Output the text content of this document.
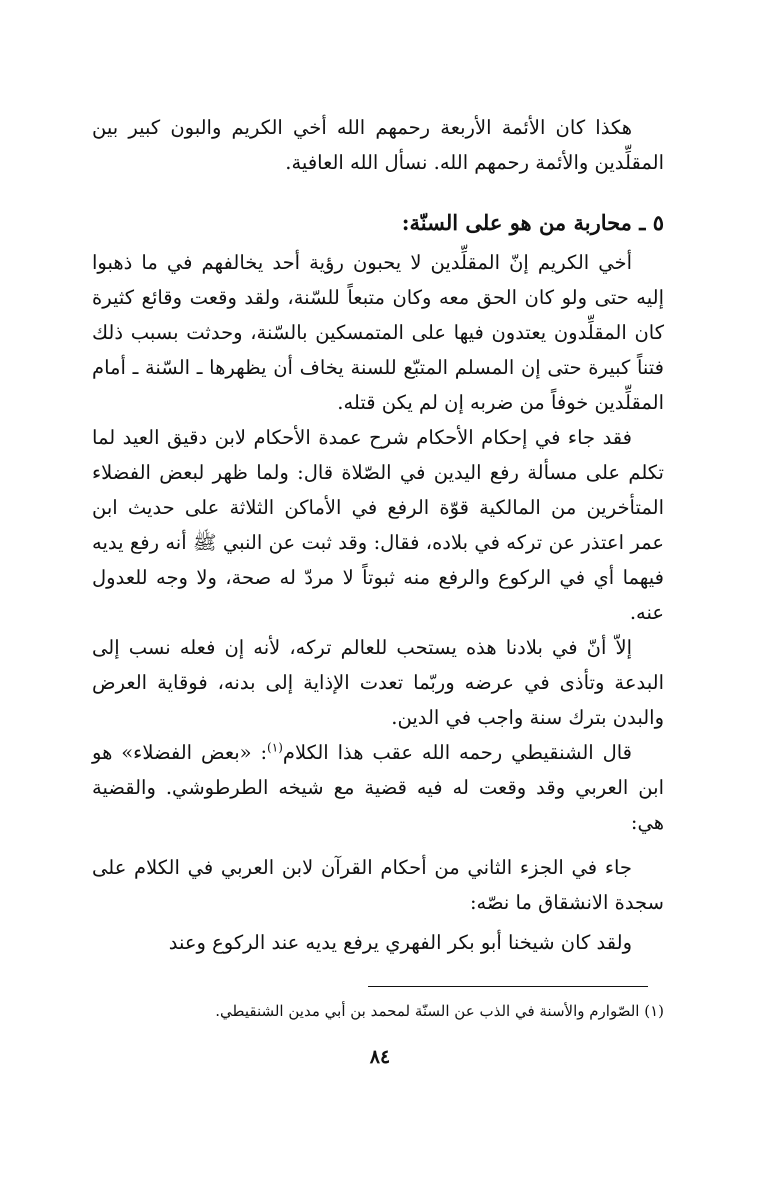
هكذا كان الأئمة الأربعة رحمهم الله أخي الكريم والبون كبير بين المقلِّدين والأئمة رحمهم الله. نسأل الله العافية.
٥ ـ محاربة من هو على السنّة:
أخي الكريم إنّ المقلِّدين لا يحبون رؤية أحد يخالفهم في ما ذهبوا إليه حتى ولو كان الحق معه وكان متبعاً للسّنة، ولقد وقعت وقائع كثيرة كان المقلِّدون يعتدون فيها على المتمسكين بالسّنة، وحدثت بسبب ذلك فتناً كبيرة حتى إن المسلم المتبّع للسنة يخاف أن يظهرها ـ السّنة ـ أمام المقلِّدين خوفاً من ضربه إن لم يكن قتله.
فقد جاء في إحكام الأحكام شرح عمدة الأحكام لابن دقيق العيد لما تكلم على مسألة رفع اليدين في الصّلاة قال: ولما ظهر لبعض الفضلاء المتأخرين من المالكية قوّة الرفع في الأماكن الثلاثة على حديث ابن عمر اعتذر عن تركه في بلاده، فقال: وقد ثبت عن النبي ﷺ أنه رفع يديه فيهما أي في الركوع والرفع منه ثبوتاً لا مردّ له صحة، ولا وجه للعدول عنه.
إلاّ أنّ في بلادنا هذه يستحب للعالم تركه، لأنه إن فعله نسب إلى البدعة وتأذى في عرضه وربّما تعدت الإذاية إلى بدنه، فوقاية العرض والبدن بترك سنة واجب في الدين.
قال الشنقيطي رحمه الله عقب هذا الكلام$^{(١)}$: «بعض الفضلاء» هو ابن العربي وقد وقعت له فيه قضية مع شيخه الطرطوشي. والقضية هي:
جاء في الجزء الثاني من أحكام القرآن لابن العربي في الكلام على سجدة الانشقاق ما نصّه:
ولقد كان شيخنا أبو بكر الفهري يرفع يديه عند الركوع وعند
(١) الصّوارم والأسنة في الذب عن السنّة لمحمد بن أبي مدين الشنقيطي.
٨٤
